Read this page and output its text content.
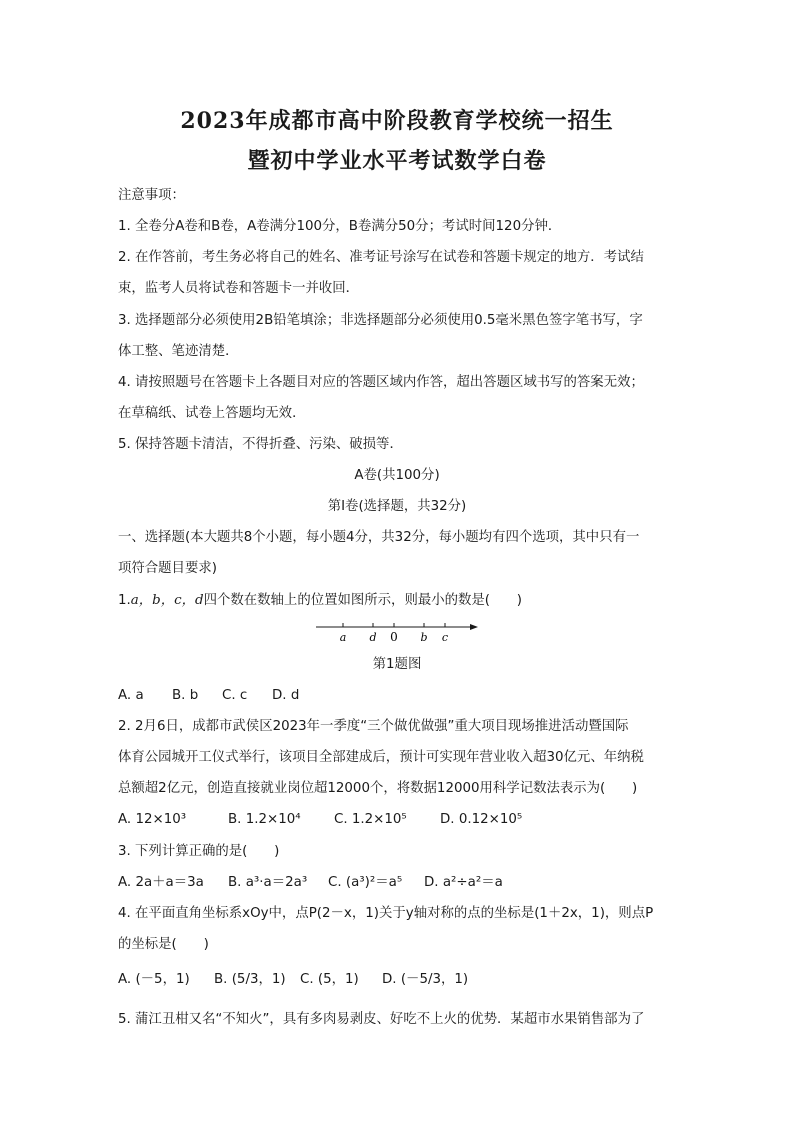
2023年成都市高中阶段教育学校统一招生
暨初中学业水平考试数学白卷
注意事项：
1. 全卷分A卷和B卷，A卷满分100分，B卷满分50分；考试时间120分钟．
2. 在作答前，考生务必将自己的姓名、准考证号涂写在试卷和答题卡规定的地方．考试结
束，监考人员将试卷和答题卡一并收回．
3. 选择题部分必须使用2B铅笔填涂；非选择题部分必须使用0.5毫米黑色签字笔书写，字
体工整、笔迹清楚．
4. 请按照题号在答题卡上各题目对应的答题区域内作答，超出答题区域书写的答案无效；
在草稿纸、试卷上答题均无效．
5. 保持答题卡清洁，不得折叠、污染、破损等．
A卷(共100分)
第Ⅰ卷(选择题，共32分)
一、选择题(本大题共8个小题，每小题4分，共32分，每小题均有四个选项，其中只有一
项符合题目要求)
1.a，b，c，d四个数在数轴上的位置如图所示，则最小的数是(　　)
a d 0 b c
第1题图
A. a B. b C. c D. d
2. 2月6日，成都市武侯区2023年一季度“三个做优做强”重大项目现场推进活动暨国际
体育公园城开工仪式举行，该项目全部建成后，预计可实现年营业收入超30亿元、年纳税
总额超2亿元，创造直接就业岗位超12000个，将数据12000用科学记数法表示为(　　)
A. 12×10³	B. 1.2×10⁴ C. 1.2×10⁵ D. 0.12×10⁵
3. 下列计算正确的是(　　)
A. 2a＋a＝3a B. a³·a＝2a³ C. (a³)²＝a⁵ D. a²÷a²＝a
4. 在平面直角坐标系xOy中，点P(2－x，1)关于y轴对称的点的坐标是(1＋2x，1)，则点P
的坐标是(　　)
A. (－5，1) B. (5/3，1) C. (5，1) D. (－5/3，1)
5. 蒲江丑柑又名“不知火”，具有多肉易剥皮、好吃不上火的优势．某超市水果销售部为了
